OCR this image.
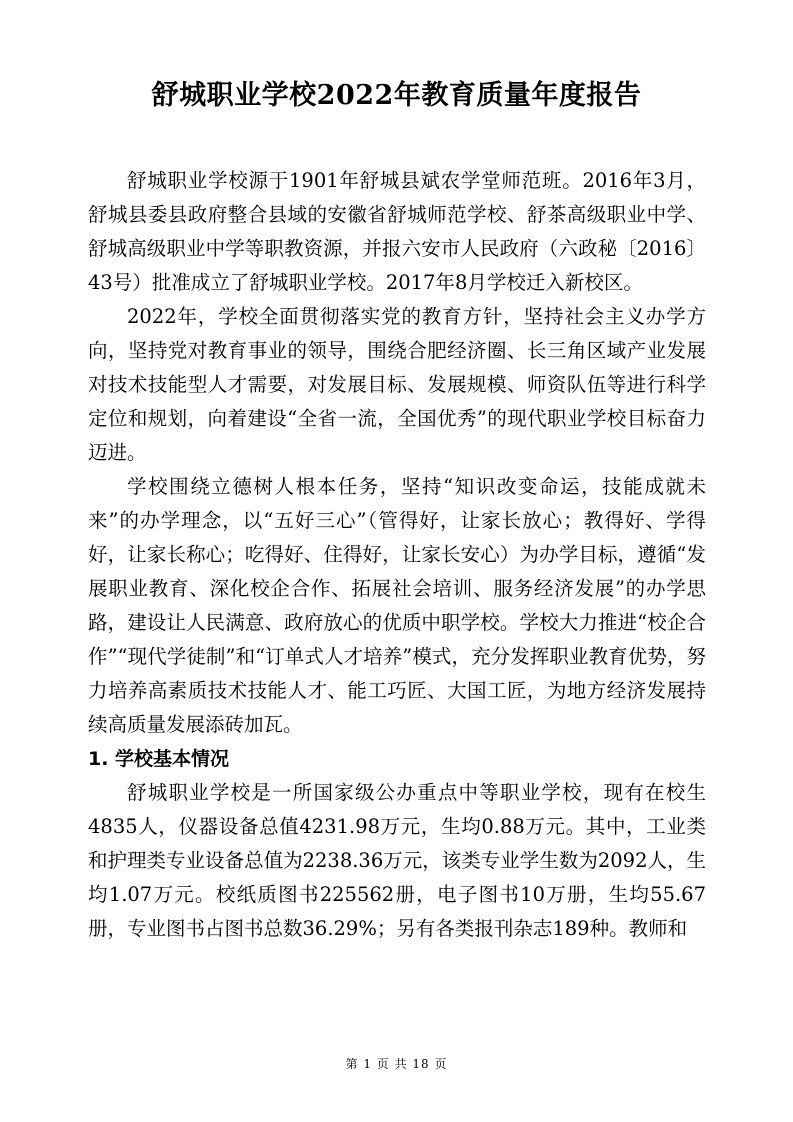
舒城职业学校2022年教育质量年度报告

舒城职业学校源于1901年舒城县斌农学堂师范班。2016年3月，舒城县委县政府整合县域的安徽省舒城师范学校、舒茶高级职业中学、舒城高级职业中学等职教资源，并报六安市人民政府（六政秘〔2016〕43号）批准成立了舒城职业学校。2017年8月学校迁入新校区。

2022年，学校全面贯彻落实党的教育方针，坚持社会主义办学方向，坚持党对教育事业的领导，围绕合肥经济圈、长三角区域产业发展对技术技能型人才需要，对发展目标、发展规模、师资队伍等进行科学定位和规划，向着建设“全省一流，全国优秀”的现代职业学校目标奋力迈进。

学校围绕立德树人根本任务，坚持“知识改变命运，技能成就未来”的办学理念，以“五好三心”（管得好，让家长放心；教得好、学得好，让家长称心；吃得好、住得好，让家长安心）为办学目标，遵循“发展职业教育、深化校企合作、拓展社会培训、服务经济发展”的办学思路，建设让人民满意、政府放心的优质中职学校。学校大力推进“校企合作”“现代学徒制”和“订单式人才培养”模式，充分发挥职业教育优势，努力培养高素质技术技能人才、能工巧匠、大国工匠，为地方经济发展持续高质量发展添砖加瓦。

1. 学校基本情况

舒城职业学校是一所国家级公办重点中等职业学校，现有在校生4835人，仪器设备总值4231.98万元，生均0.88万元。其中，工业类和护理类专业设备总值为2238.36万元，该类专业学生数为2092人，生均1.07万元。校纸质图书225562册，电子图书10万册，生均55.67册，专业图书占图书总数36.29%；另有各类报刊杂志189种。教师和

第 1 页 共 18 页
